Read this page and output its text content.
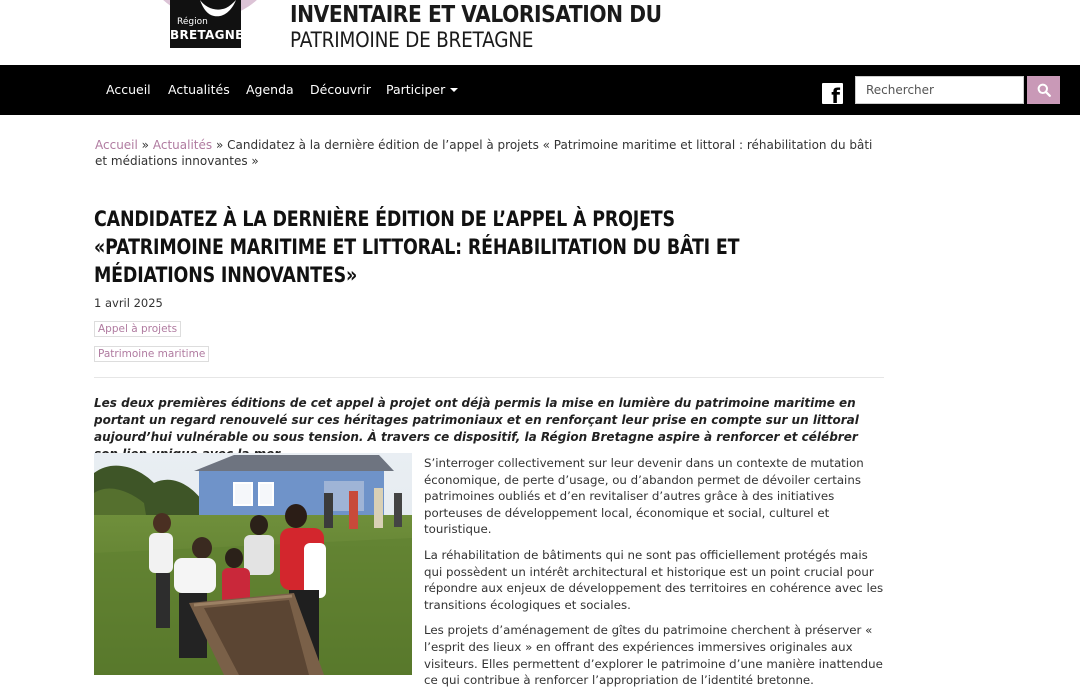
Région
BRETAGNE
INVENTAIRE ET VALORISATION DU
PATRIMOINE DE BRETAGNE
Accueil Actualités Agenda Découvrir Participer	f
Rechercher
Accueil » Actualités » Candidatez à la dernière édition de l’appel à projets « Patrimoine maritime et littoral : réhabilitation du bâti et médiations innovantes »
CANDIDATEZ À LA DERNIÈRE ÉDITION DE L’APPEL À PROJETS
«PATRIMOINE MARITIME ET LITTORAL: RÉHABILITATION DU BÂTI ET
MÉDIATIONS INNOVANTES»
1 avril 2025
Appel à projets
Patrimoine maritime

Les deux premières éditions de cet appel à projet ont déjà permis la mise en lumière du patrimoine maritime en portant un regard renouvelé sur ces héritages patrimoniaux et en renforçant leur prise en compte sur un littoral aujourd’hui vulnérable ou sous tension. À travers ce dispositif, la Région Bretagne aspire à renforcer et célébrer

S’interroger collectivement sur leur devenir dans un contexte de mutation économique, de perte d’usage, ou d’abandon permet de dévoiler certains patrimoines oubliés et d’en revitaliser d’autres grâce à des initiatives porteuses de développement local, économique et social, culturel et touristique.

La réhabilitation de bâtiments qui ne sont pas officiellement protégés mais qui possèdent un intérêt architectural et historique est un point crucial pour répondre aux enjeux de développement des territoires en cohérence avec les transitions écologiques et sociales.

Les projets d’aménagement de gîtes du patrimoine cherchent à préserver « l’esprit des lieux » en offrant des expériences immersives originales aux visiteurs. Elles permettent d’explorer le patrimoine d’une manière inattendue ce qui contribue à renforcer l’appropriation de l’identité bretonne.
